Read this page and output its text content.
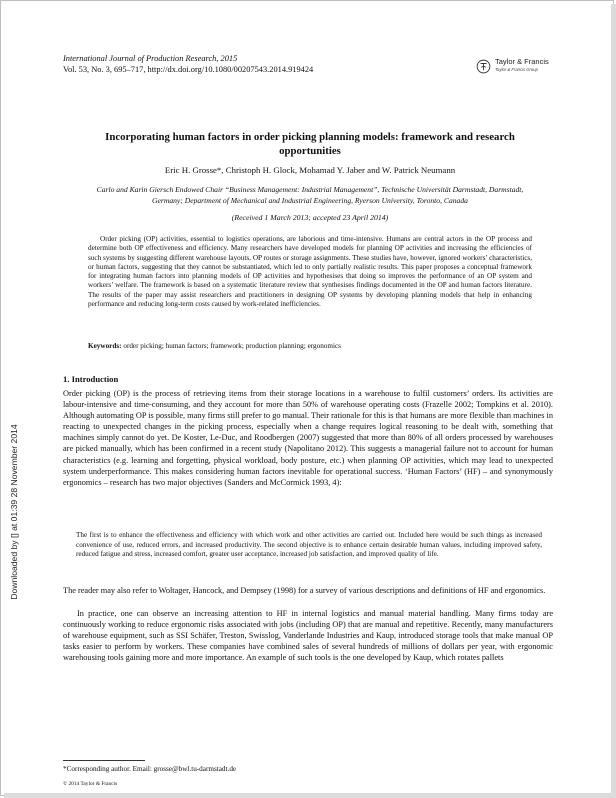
Downloaded by [] at 01:39 28 November 2014
International Journal of Production Research, 2015
Vol. 53, No. 3, 695–717, http://dx.doi.org/10.1080/00207543.2014.919424
Taylor & Francis
Taylor & Francis Group
Incorporating human factors in order picking planning models: framework and research opportunities
Eric H. Grosse*, Christoph H. Glock, Mohamad Y. Jaber and W. Patrick Neumann
Carlo and Karin Giersch Endowed Chair “Business Management: Industrial Management”, Technische Universität Darmstadt, Darmstadt, Germany; Department of Mechanical and Industrial Engineering, Ryerson University, Toronto, Canada
(Received 1 March 2013; accepted 23 April 2014)

Order picking (OP) activities, essential to logistics operations, are laborious and time-intensive. Humans are central actors in the OP process and determine both OP effectiveness and efficiency. Many researchers have developed models for planning OP activities and increasing the efficiencies of such systems by suggesting different warehouse layouts, OP routes or storage assignments. These studies have, however, ignored workers’ characteristics, or human factors, suggesting that they cannot be substantiated, which led to only partially realistic results. This paper proposes a conceptual framework for integrating human factors into planning models of OP activities and hypothesises that doing so improves the performance of an OP system and workers’ welfare. The framework is based on a systematic literature review that synthesises findings documented in the OP and human factors literature. The results of the paper may assist researchers and practitioners in designing OP systems by developing planning models that help in enhancing performance and reducing long-term costs caused by work-related inefficiencies.

Keywords: order picking; human factors; framework; production planning; ergonomics
1. Introduction

Order picking (OP) is the process of retrieving items from their storage locations in a warehouse to fulfil customers’ orders. Its activities are labour-intensive and time-consuming, and they account for more than 50% of warehouse operating costs (Frazelle 2002; Tompkins et al. 2010). Although automating OP is possible, many firms still prefer to go manual. Their rationale for this is that humans are more flexible than machines in reacting to unexpected changes in the picking process, especially when a change requires logical reasoning to be dealt with, something that machines simply cannot do yet. De Koster, Le-Duc, and Roodbergen (2007) suggested that more than 80% of all orders processed by warehouses are picked manually, which has been confirmed in a recent study (Napolitano 2012). This suggests a managerial failure not to account for human characteristics (e.g. learning and forgetting, physical workload, body posture, etc.) when planning OP activities, which may lead to unexpected system underperformance. This makes considering human factors inevitable for operational success. ‘Human Factors’ (HF) – and synonymously ergonomics – research has two major objectives (Sanders and McCormick 1993, 4):

The first is to enhance the effectiveness and efficiency with which work and other activities are carried out. Included here would be such things as increased convenience of use, reduced errors, and increased productivity. The second objective is to enhance certain desirable human values, including improved safety, reduced fatigue and stress, increased comfort, greater user acceptance, increased job satisfaction, and improved quality of life.

The reader may also refer to Woltager, Hancock, and Dempsey (1998) for a survey of various descriptions and definitions of HF and ergonomics.

In practice, one can observe an increasing attention to HF in internal logistics and manual material handling. Many firms today are continuously working to reduce ergonomic risks associated with jobs (including OP) that are manual and repetitive. Recently, many manufacturers of warehouse equipment, such as SSI Schäfer, Treston, Swisslog, Vanderlande Industries and Kaup, introduced storage tools that make manual OP tasks easier to perform by workers. These companies have combined sales of several hundreds of millions of dollars per year, with ergonomic warehousing tools gaining more and more importance. An example of such tools is the one developed by Kaup, which rotates pallets

*Corresponding author. Email: grosse@bwl.tu-darmstadt.de
© 2014 Taylor & Francis
